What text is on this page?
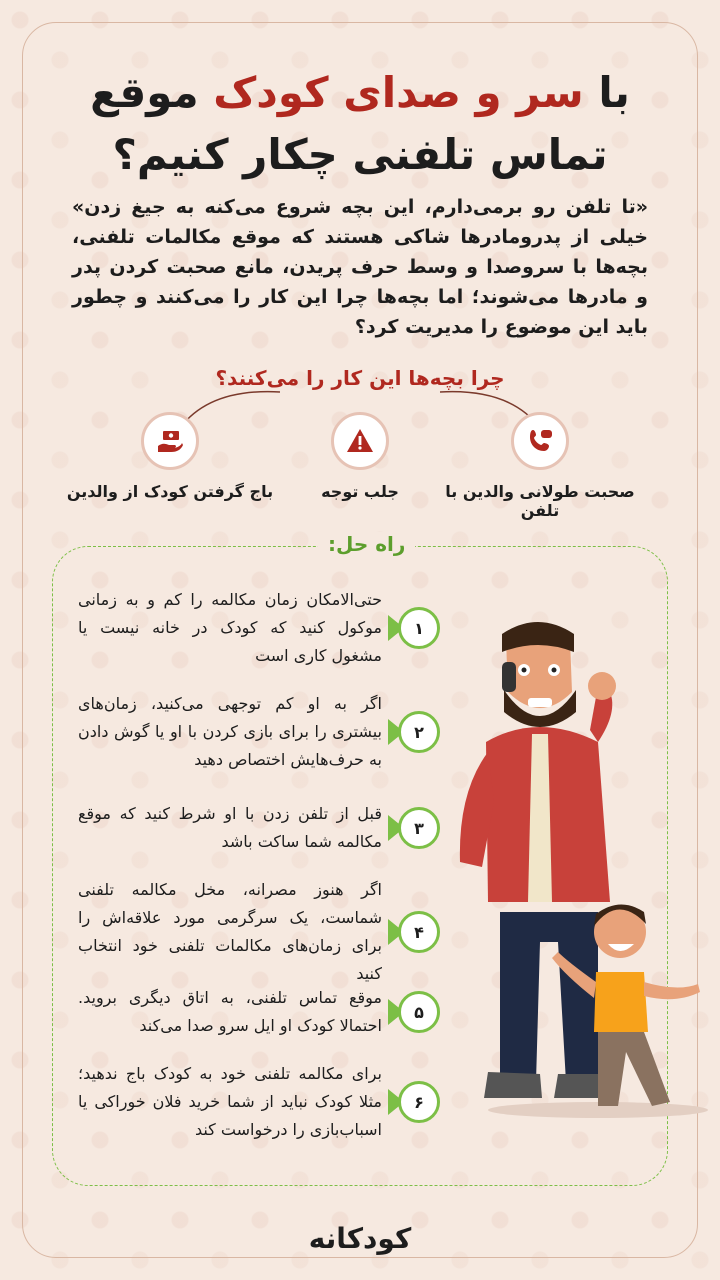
با سر و صدای کودک موقع
تماس تلفنی چکار کنیم؟
«تا تلفن رو برمی‌دارم، این بچه شروع می‌کنه به جیغ زدن» خیلی از پدرومادرها شاکی هستند که موقع مکالمات تلفنی، بچه‌ها با سروصدا و وسط حرف پریدن، مانع صحبت کردن پدر و مادرها می‌شوند؛ اما بچه‌ها چرا این کار را می‌کنند و چطور باید این موضوع را مدیریت کرد؟
چرا بچه‌ها این کار را می‌کنند؟
صحبت طولانی والدین با تلفن
جلب توجه
باج گرفتن کودک از والدین
راه حل:
۱
حتی‌الامکان زمان مکالمه را کم و به زمانی موکول کنید که کودک در خانه نیست یا مشغول کاری است
۲
اگر به او کم توجهی می‌کنید، زمان‌های بیشتری را برای بازی کردن با او یا گوش دادن به حرف‌هایش اختصاص دهید
۳
قبل از تلفن زدن با او شرط کنید که موقع مکالمه شما ساکت باشد
۴
اگر هنوز مصرانه، مخل مکالمه تلفنی شماست، یک سرگرمی مورد علاقه‌اش را برای زمان‌های مکالمات تلفنی خود انتخاب کنید
۵
موقع تماس تلفنی، به اتاق دیگری بروید. احتمالا کودک او ایل سرو صدا می‌کند
۶
برای مکالمه تلفنی خود به کودک باج ندهید؛ مثلا کودک نباید از شما خرید فلان خوراکی یا اسباب‌بازی را درخواست کند
کودکانه
